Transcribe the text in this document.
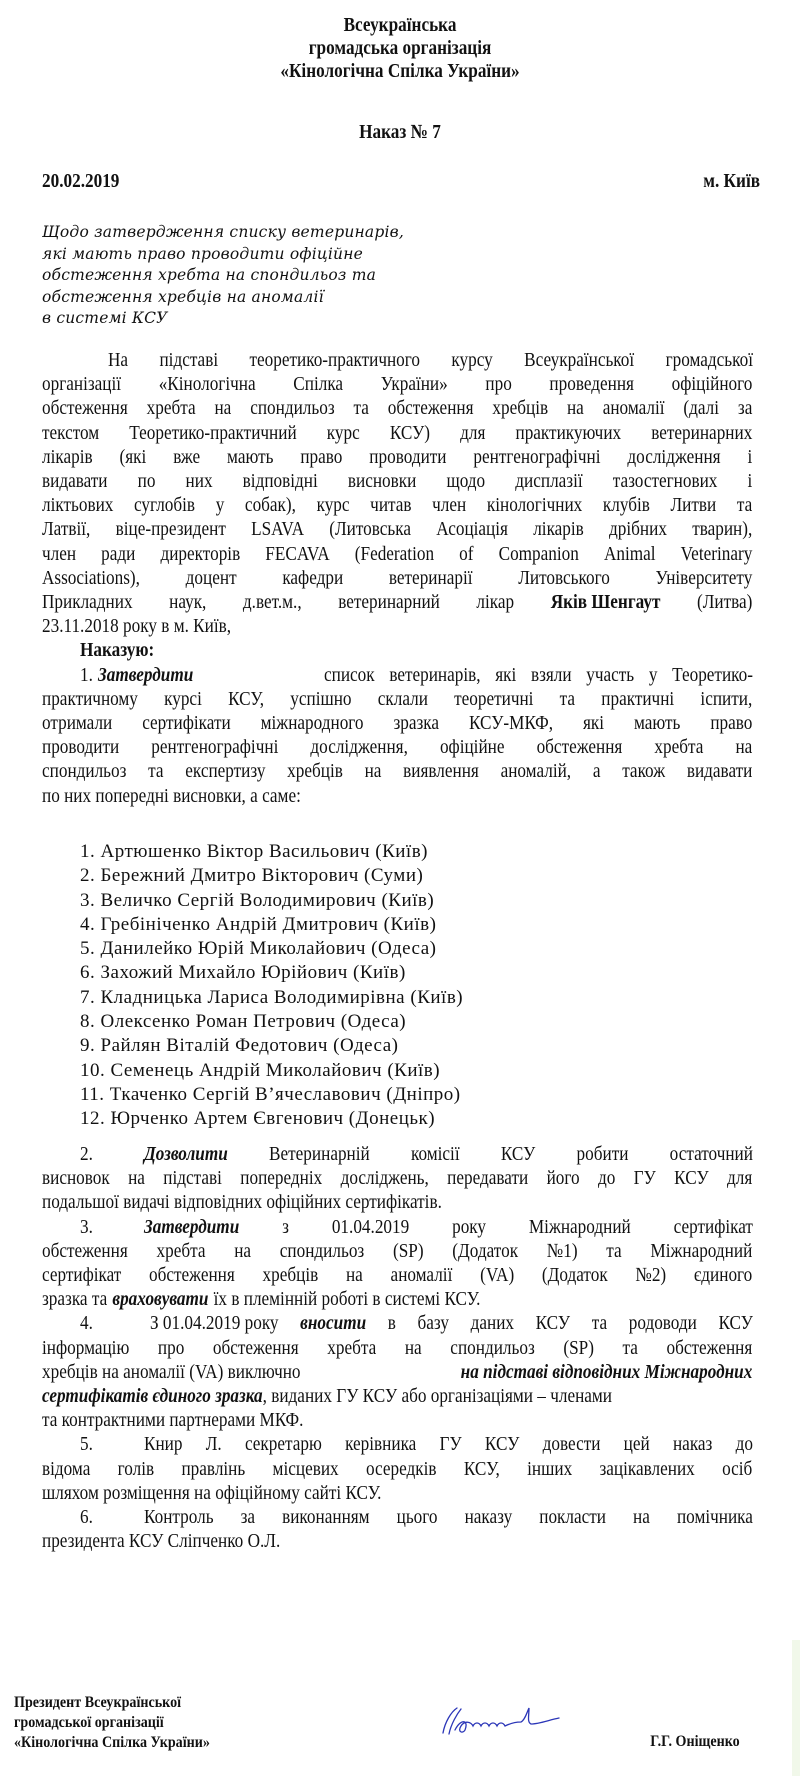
Всеукраїнська
громадська організація
«Кінологічна Спілка України»
Наказ № 7
20.02.2019	м. Київ
Щодо затвердження списку ветеринарів,
які мають право проводити офіційне
обстеження хребта на спондильоз та
обстеження хребців на аномалії
в системі КСУ
На підставі теоретико-практичного курсу Всеукраїнської громадської
організації «Кінологічна Спілка України» про проведення офіційного
обстеження хребта на спондильоз та обстеження хребців на аномалії (далі за
текстом Теоретико-практичний курс КСУ) для практикуючих ветеринарних
лікарів (які вже мають право проводити рентгенографічні дослідження і
видавати по них відповідні висновки щодо дисплазії тазостегнових і
ліктьових суглобів у собак), курс читав член кінологічних клубів Литви та
Латвії, віце-президент LSAVA (Литовська Асоціація лікарів дрібних тварин),
член ради директорів FECAVA (Federation of Companion Animal Veterinary
Associations), доцент кафедри ветеринарії Литовського Університету
Прикладних наук, д.вет.м., ветеринарний лікар Яків Шенгаут (Литва)
23.11.2018 року в м. Київ,
Наказую:
1. Затвердити	список ветеринарів, які взяли участь у Теоретико-
практичному курсі КСУ, успішно склали теоретичні та практичні іспити,
отримали сертифікати міжнародного зразка КСУ-МКФ, які мають право
проводити рентгенографічні дослідження, офіційне обстеження хребта на
спондильоз та експертизу хребців на виявлення аномалій, а також видавати
по них попередні висновки, а саме:
2.	Дозволити Ветеринарній комісії КСУ робити остаточний
висновок на підставі попередніх досліджень, передавати його до ГУ КСУ для
подальшої видачі відповідних офіційних сертифікатів.
3.	Затвердити з 01.04.2019 року Міжнародний сертифікат
обстеження хребта на спондильоз (SP) (Додаток №1) та Міжнародний
сертифікат обстеження хребців на аномалії (VA) (Додаток №2) єдиного
зразка та враховувати їх в племінній роботі в системі КСУ.
4.	З 01.04.2019 року вносити в базу даних КСУ та родоводи КСУ
інформацію про обстеження хребта на спондильоз (SP) та обстеження
хребців на аномалії (VA) виключно	на підставі відповідних Міжнародних
сертифікатів єдиного зразка , виданих ГУ КСУ або організаціями – членами
та контрактними партнерами МКФ.
5.	Книр Л. секретарю керівника ГУ КСУ довести цей наказ до
відома голів правлінь місцевих осередків КСУ, інших зацікавлених осіб
шляхом розміщення на офіційному сайті КСУ.
6.	Контроль за виконанням цього наказу покласти на помічника
президента КСУ Сліпченко О.Л.
1. Артюшенко Віктор Васильович (Київ)
2. Бережний Дмитро Вікторович (Суми)
3. Величко Сергій Володимирович (Київ)
4. Гребініченко Андрій Дмитрович (Київ)
5. Данилейко Юрій Миколайович (Одеса)
6. Захожий Михайло Юрійович (Київ)
7. Кладницька Лариса Володимирівна (Київ)
8. Олексенко Роман Петрович (Одеса)
9. Райлян Віталій Федотович (Одеса)
10. Семенець Андрій Миколайович (Київ)
11. Ткаченко Сергій В’ячеславович (Дніпро)
12. Юрченко Артем Євгенович (Донецьк)
Президент Всеукраїнської
громадської організації
«Кінологічна Спілка України»	Г.Г. Оніщенко
